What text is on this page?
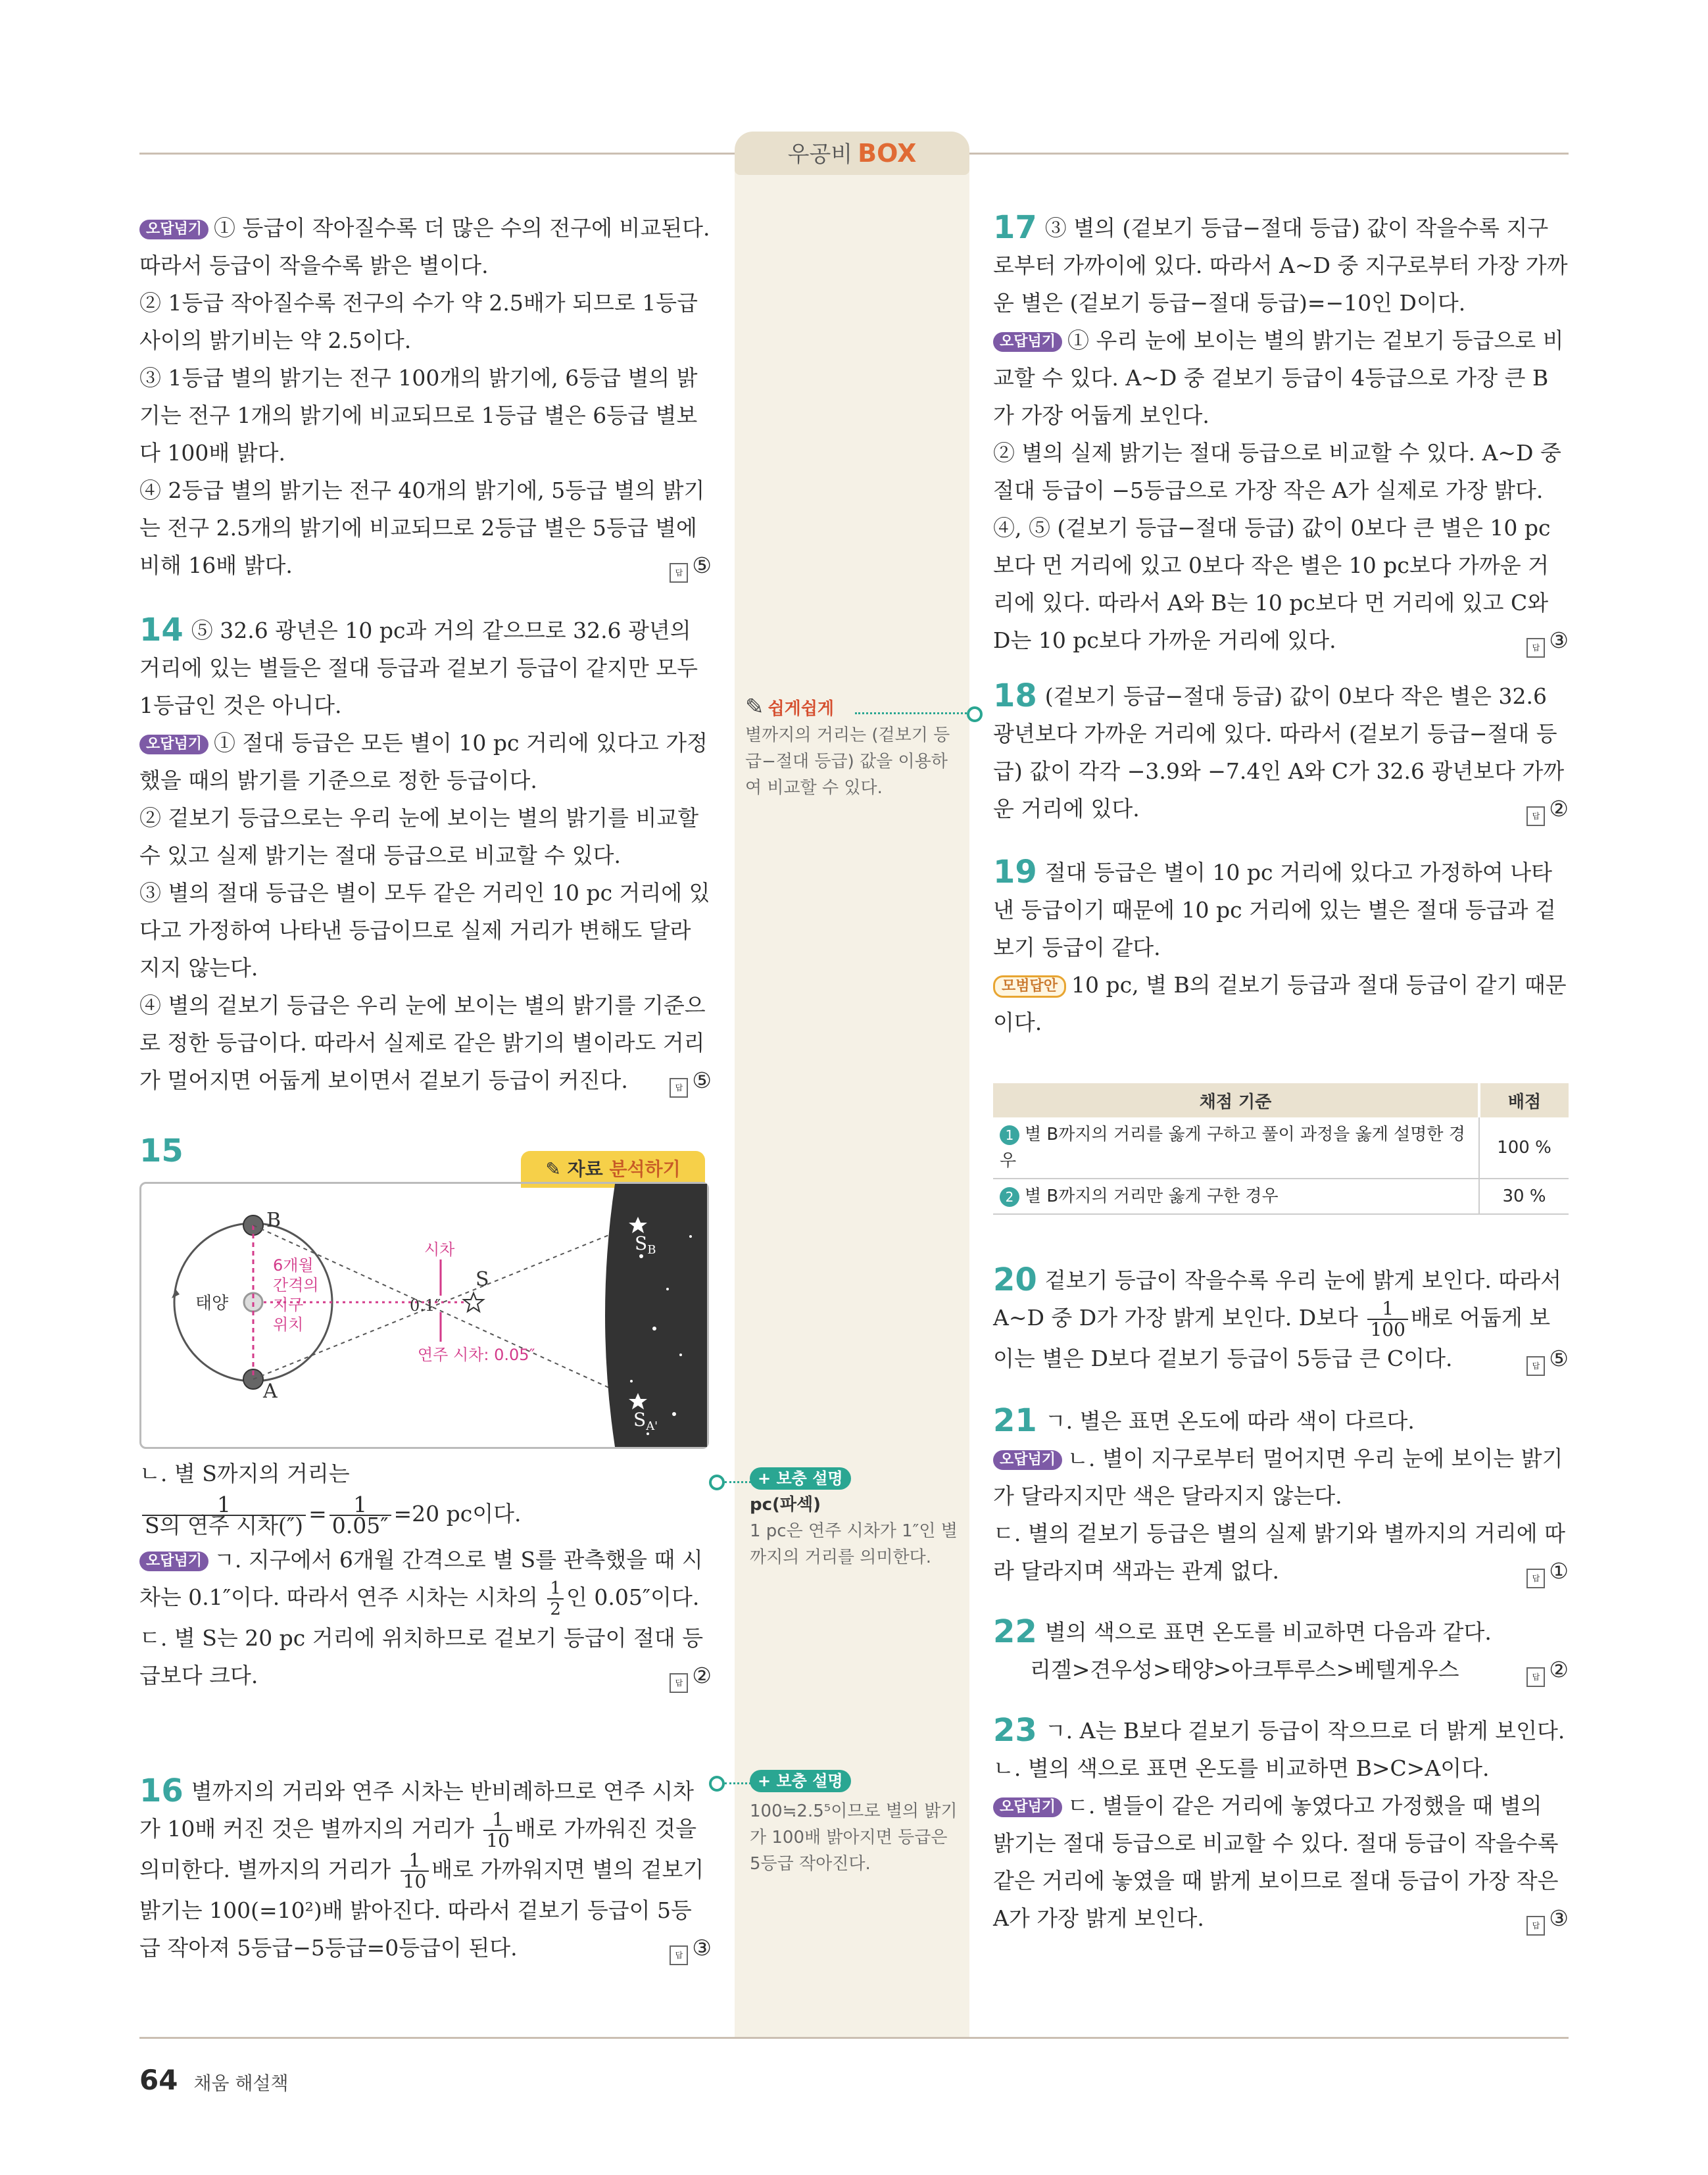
우공비 BOX

오답넘기 ① 등급이 작아질수록 더 많은 수의 전구에 비교된다. 따라서 등급이 작을수록 밝은 별이다.

② 1등급 작아질수록 전구의 수가 약 2.5배가 되므로 1등급 사이의 밝기비는 약 2.5이다.

③ 1등급 별의 밝기는 전구 100개의 밝기에, 6등급 별의 밝기는 전구 1개의 밝기에 비교되므로 1등급 별은 6등급 별보다 100배 밝다.

④ 2등급 별의 밝기는 전구 40개의 밝기에, 5등급 별의 밝기는 전구 2.5개의 밝기에 비교되므로 2등급 별은 5등급 별에 비해 16배 밝다.	답 ⑤

14 ⑤ 32.6 광년은 10 pc과 거의 같으므로 32.6 광년의 거리에 있는 별들은 절대 등급과 겉보기 등급이 같지만 모두 1등급인 것은 아니다.

오답넘기 ① 절대 등급은 모든 별이 10 pc 거리에 있다고 가정했을 때의 밝기를 기준으로 정한 등급이다.

② 겉보기 등급으로는 우리 눈에 보이는 별의 밝기를 비교할 수 있고 실제 밝기는 절대 등급으로 비교할 수 있다.

③ 별의 절대 등급은 별이 모두 같은 거리인 10 pc 거리에 있다고 가정하여 나타낸 등급이므로 실제 거리가 변해도 달라지지 않는다.

④ 별의 겉보기 등급은 우리 눈에 보이는 별의 밝기를 기준으로 정한 등급이다. 따라서 실제로 같은 밝기의 별이라도 거리가 멀어지면 어둡게 보이면서 겉보기 등급이 커진다.	답 ⑤

15	✎ 자료 분석하기
B
A
태양
6개월
간격의
지구
위치
시차
S
0.1″
연주 시차: 0.05″
$S_B$
$S_{A'}$

ㄴ. 별 S까지의 거리는

$\frac{1}{\text{S의 연주 시차(″)}} = \frac{1}{0.05''} =20$ pc이다.

오답넘기 ㄱ. 지구에서 6개월 간격으로 별 S를 관측했을 때 시차는 0.1″이다. 따라서 연주 시차는 시차의 $\frac{1}{2}$ 인 0.05″이다.

ㄷ. 별 S는 20 pc 거리에 위치하므로 겉보기 등급이 절대 등급보다 크다.	답 ②

16 별까지의 거리와 연주 시차는 반비례하므로 연주 시차가 10배 커진 것은 별까지의 거리가 $\frac{1}{10}$ 배로 가까워진 것을 의미한다. 별까지의 거리가 $\frac{1}{10}$ 배로 가까워지면 별의 겉보기 밝기는 100(=10²)배 밝아진다. 따라서 겉보기 등급이 5등급 작아져 5등급−5등급=0등급이 된다.	답 ③

✎ 쉽게쉽게
별까지의 거리는 (겉보기 등급−절대 등급) 값을 이용하여 비교할 수 있다.
+ 보충 설명
pc(파섹)
1 pc은 연주 시차가 1″인 별까지의 거리를 의미한다.
+ 보충 설명
100≒2.5⁵이므로 별의 밝기가 100배 밝아지면 등급은 5등급 작아진다.

17 ③ 별의 (겉보기 등급−절대 등급) 값이 작을수록 지구로부터 가까이에 있다. 따라서 A~D 중 지구로부터 가장 가까운 별은 (겉보기 등급−절대 등급)=−10인 D이다.

오답넘기 ① 우리 눈에 보이는 별의 밝기는 겉보기 등급으로 비교할 수 있다. A~D 중 겉보기 등급이 4등급으로 가장 큰 B가 가장 어둡게 보인다.

② 별의 실제 밝기는 절대 등급으로 비교할 수 있다. A~D 중 절대 등급이 −5등급으로 가장 작은 A가 실제로 가장 밝다.

④, ⑤ (겉보기 등급−절대 등급) 값이 0보다 큰 별은 10 pc보다 먼 거리에 있고 0보다 작은 별은 10 pc보다 가까운 거리에 있다. 따라서 A와 B는 10 pc보다 먼 거리에 있고 C와 D는 10 pc보다 가까운 거리에 있다.	답 ③

18 (겉보기 등급−절대 등급) 값이 0보다 작은 별은 32.6 광년보다 가까운 거리에 있다. 따라서 (겉보기 등급−절대 등급) 값이 각각 −3.9와 −7.4인 A와 C가 32.6 광년보다 가까운 거리에 있다.	답 ②

19 절대 등급은 별이 10 pc 거리에 있다고 가정하여 나타낸 등급이기 때문에 10 pc 거리에 있는 별은 절대 등급과 겉보기 등급이 같다.

모범답안 10 pc, 별 B의 겉보기 등급과 절대 등급이 같기 때문이다.

채점 기준	배점
1 별 B까지의 거리를 옳게 구하고 풀이 과정을 옳게 설명한 경우	100 %
2 별 B까지의 거리만 옳게 구한 경우	30 %

20 겉보기 등급이 작을수록 우리 눈에 밝게 보인다. 따라서 A~D 중 D가 가장 밝게 보인다. D보다 $\frac{1}{100}$ 배로 어둡게 보이는 별은 D보다 겉보기 등급이 5등급 큰 C이다.	답 ⑤

21 ㄱ. 별은 표면 온도에 따라 색이 다르다.

오답넘기 ㄴ. 별이 지구로부터 멀어지면 우리 눈에 보이는 밝기가 달라지지만 색은 달라지지 않는다.

ㄷ. 별의 겉보기 등급은 별의 실제 밝기와 별까지의 거리에 따라 달라지며 색과는 관계 없다.	답 ①

22 별의 색으로 표면 온도를 비교하면 다음과 같다.

리겔>견우성>태양>아크투루스>베텔게우스	답 ②

23 ㄱ. A는 B보다 겉보기 등급이 작으므로 더 밝게 보인다.

ㄴ. 별의 색으로 표면 온도를 비교하면 B>C>A이다.

오답넘기 ㄷ. 별들이 같은 거리에 놓였다고 가정했을 때 별의 밝기는 절대 등급으로 비교할 수 있다. 절대 등급이 작을수록 같은 거리에 놓였을 때 밝게 보이므로 절대 등급이 가장 작은 A가 가장 밝게 보인다.	답 ③

64 채움 해설책
